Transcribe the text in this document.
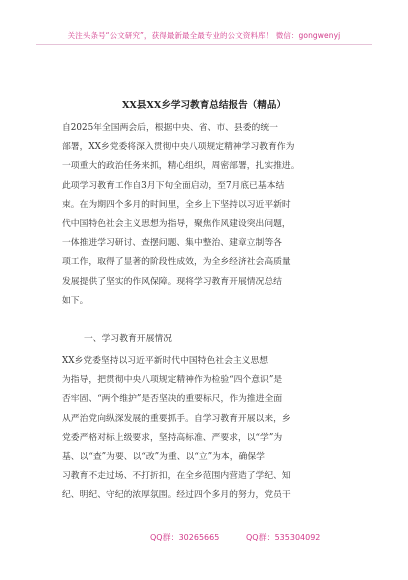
关注头条号“公文研究”，获得最新最全最专业的公文资料库！ 微信：gongwenyj
XX县XX乡学习教育总结报告（精品）
自2025年全国两会后，根据中央、省、市、县委的统一
部署，XX乡党委将深入贯彻中央八项规定精神学习教育作为
一项重大的政治任务来抓，精心组织，周密部署，扎实推进。
此项学习教育工作自3月下旬全面启动，至7月底已基本结
束。在为期四个多月的时间里，全乡上下坚持以习近平新时
代中国特色社会主义思想为指导，聚焦作风建设突出问题，
一体推进学习研讨、查摆问题、集中整治、建章立制等各
项工作，取得了显著的阶段性成效，为全乡经济社会高质量
发展提供了坚实的作风保障。现将学习教育开展情况总结
如下。
一、学习教育开展情况
XX乡党委坚持以习近平新时代中国特色社会主义思想
为指导，把贯彻中央八项规定精神作为检验“四个意识”是
否牢固、“两个维护”是否坚决的重要标尺，作为推进全面
从严治党向纵深发展的重要抓手。自学习教育开展以来，乡
党委严格对标上级要求，坚持高标准、严要求，以“学”为
基、以“查”为要、以“改”为重、以“立”为本，确保学
习教育不走过场、不打折扣，在全乡范围内营造了学纪、知
纪、明纪、守纪的浓厚氛围。经过四个多月的努力，党员干
QQ群：30265665	QQ群：535304092
